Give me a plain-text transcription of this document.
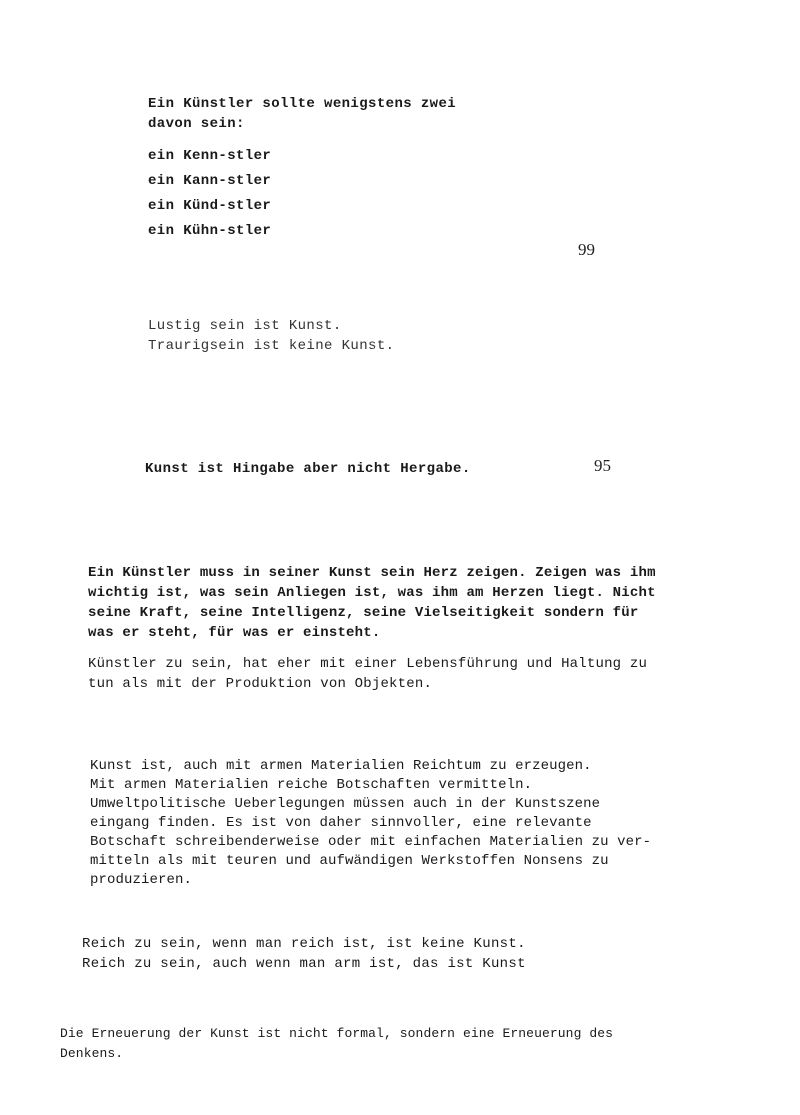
Ein Künstler sollte wenigstens zwei
davon sein:
ein Kenn-stler
ein Kann-stler
ein Künd-stler
ein Kühn-stler
99
Lustig sein ist Kunst.
Traurigsein ist keine Kunst.
Kunst ist Hingabe aber nicht Hergabe.	95
Ein Künstler muss in seiner Kunst sein Herz zeigen. Zeigen was ihm
wichtig ist, was sein Anliegen ist, was ihm am Herzen liegt. Nicht
seine Kraft, seine Intelligenz, seine Vielseitigkeit sondern für
was er steht, für was er einsteht.
Künstler zu sein, hat eher mit einer Lebensführung und Haltung zu
tun als mit der Produktion von Objekten.
Kunst ist, auch mit armen Materialien Reichtum zu erzeugen.
Mit armen Materialien reiche Botschaften vermitteln.
Umweltpolitische Ueberlegungen müssen auch in der Kunstszene
eingang finden. Es ist von daher sinnvoller, eine relevante
Botschaft schreibenderweise oder mit einfachen Materialien zu ver-
mitteln als mit teuren und aufwändigen Werkstoffen Nonsens zu
produzieren.
Reich zu sein, wenn man reich ist, ist keine Kunst.
Reich zu sein, auch wenn man arm ist, das ist Kunst
Die Erneuerung der Kunst ist nicht formal, sondern eine Erneuerung des
Denkens.
